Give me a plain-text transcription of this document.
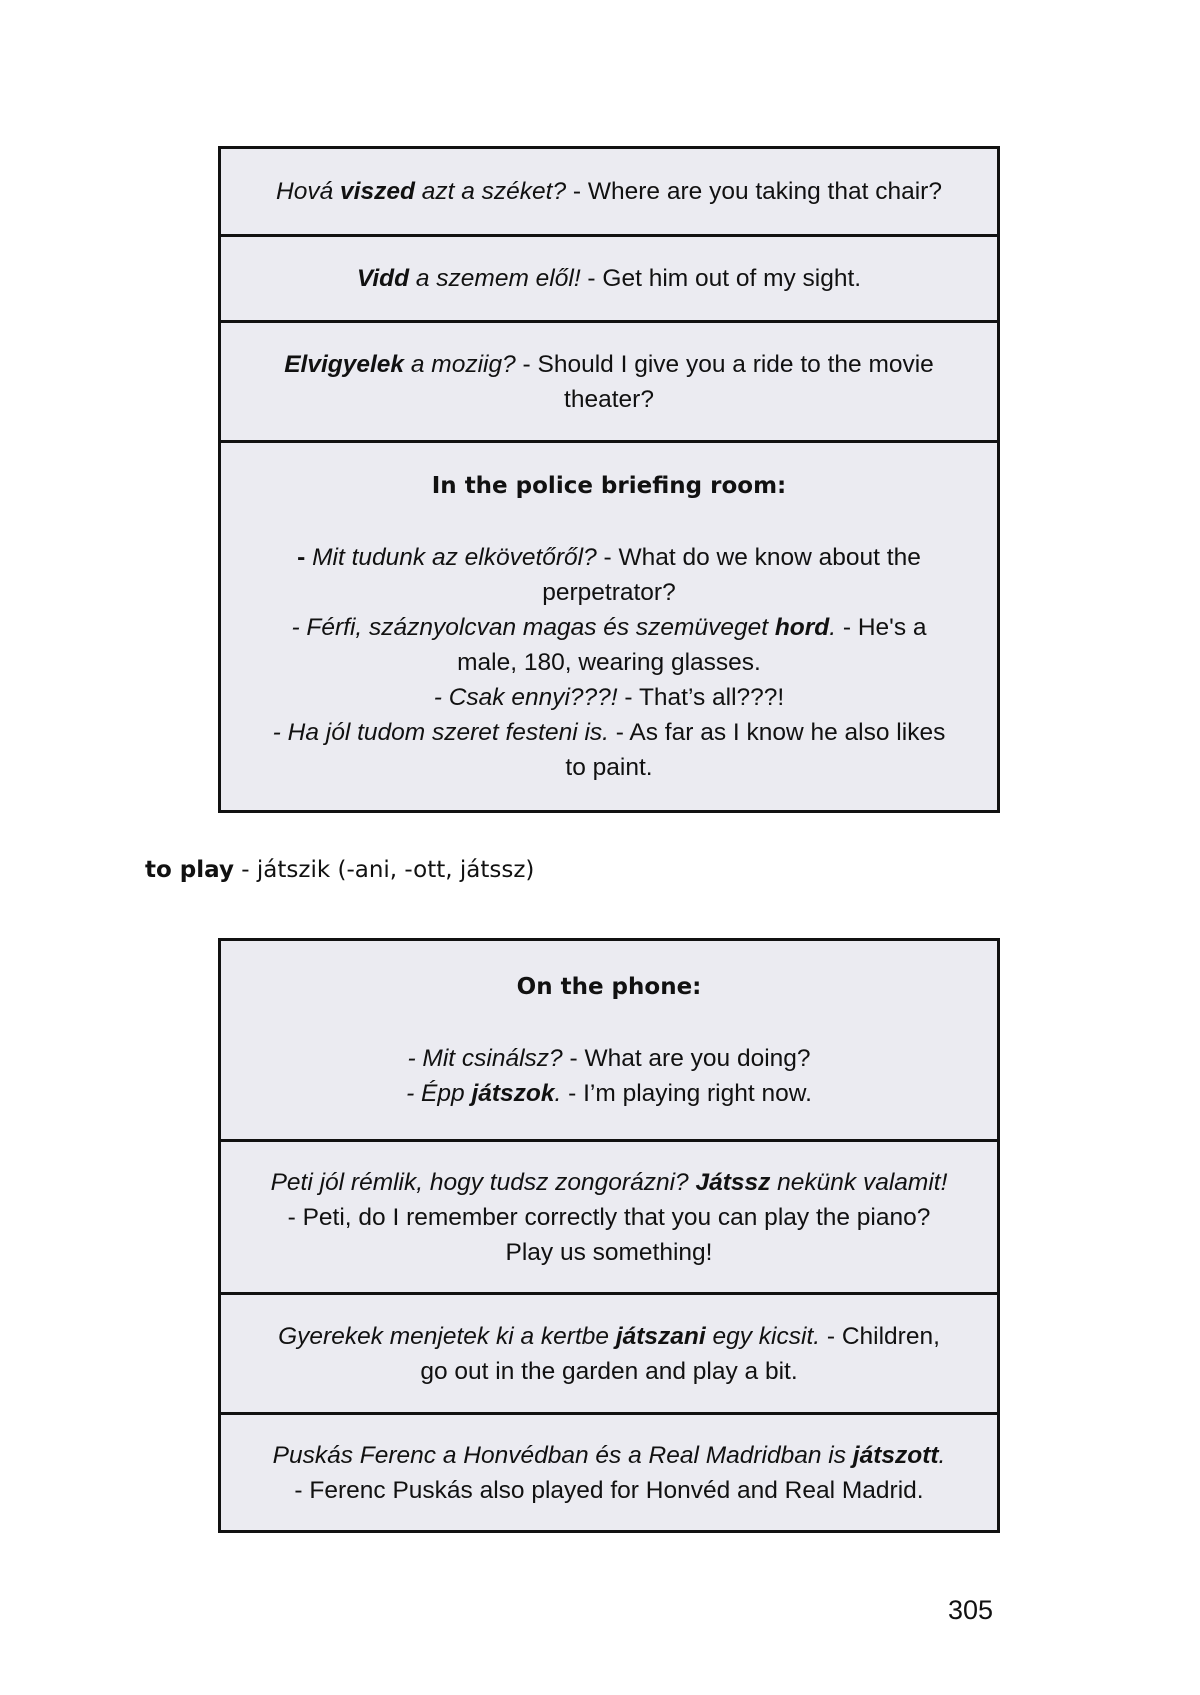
Hová viszed azt a széket? - Where are you taking that chair?
Vidd a szemem elől! - Get him out of my sight.
Elvigyelek a moziig? - Should I give you a ride to the movie
theater?
In the police briefing room:
- Mit tudunk az elkövetőről? - What do we know about the
perpetrator?
- Férfi, száznyolcvan magas és szemüveget hord. - He's a
male, 180, wearing glasses.
- Csak ennyi???! - That’s all???!
- Ha jól tudom szeret festeni is. - As far as I know he also likes
to paint.
to play - játszik (-ani, -ott, játssz)
On the phone:
- Mit csinálsz? - What are you doing?
- Épp játszok. - I’m playing right now.
Peti jól rémlik, hogy tudsz zongorázni? Játssz nekünk valamit!
- Peti, do I remember correctly that you can play the piano?
Play us something!
Gyerekek menjetek ki a kertbe játszani egy kicsit. - Children,
go out in the garden and play a bit.
Puskás Ferenc a Honvédban és a Real Madridban is játszott.
- Ferenc Puskás also played for Honvéd and Real Madrid.
305
